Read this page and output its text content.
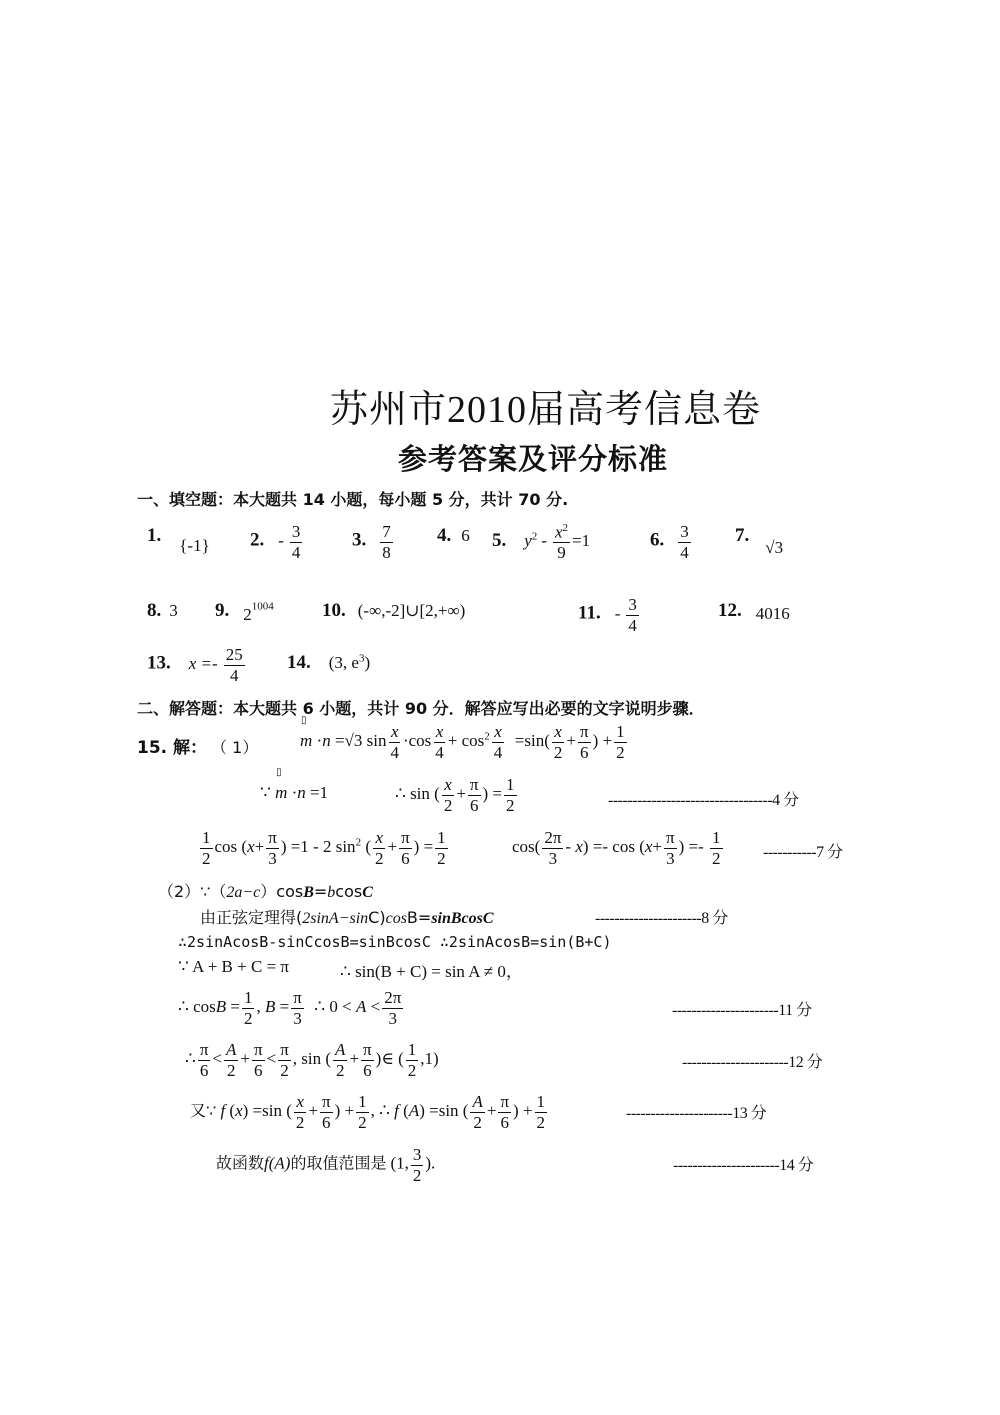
苏州市2010届高考信息卷
参考答案及评分标准
一、填空题：本大题共 14 小题，每小题 5 分，共计 70 分.
1. {-1} 2. - $\frac{3}{4}$	3. $\frac{7}{8} 4$. 6 5. $y^2 - \frac{x^2}{9} =1$	6. $\frac{3}{4} 7$. √3
8. 3 9. $2^{1004}$	10. (-∞,-2]∪[2,+∞)	11. - $\frac{3}{4}$	12. 4016
13. $x =- \frac{25}{4} 14$. (3, $e^3$)
二、解答题：本大题共 6 小题，共计 90 分．解答应写出必要的文字说明步骤．
15. 解： （ 1） ▯ m ·n =√3 $\sin \frac{x}{4} \cdot\cos \frac{x}{4} + \cos^2 \frac{x}{4} =\sin( \frac{x}{2} + \frac{\pi}{6}$ ) + $\frac{1}{2}$
∵ ▯ m ·n =1	∴ sin ( $\frac{x}{2} + \frac{\pi}{6}$ ) = $\frac{1}{2}$	----------------------------------4 分
$\frac{1}{2}$ $\cos (x+ \frac{\pi}{3}$ ) =1 - 2 $\sin^2$ ( $\frac{x}{2} + \frac{\pi}{6}$ ) = $\frac{1}{2}$	$\cos( \frac{2\pi}{3} - x) =- \cos (x+ \frac{\pi}{3}$ ) =- $\frac{1}{2}$	-----------7 分
（2）∵（2a−c）cosB=bcosC
由正弦定理得(2sinA−sinC)cosB=sinBcosC	----------------------8 分
∴2sinAcosB-sinCcosB=sinBcosC ∴2sinAcosB=sin(B+C)
∵ A + B + C = π	∴ sin(B + C) = sin A ≠ 0，
∴ $\cos B = \frac{1}{2}$ , $B = \frac{\pi}{3}$ ∴ $0 < A < \frac{2\pi}{3}$	----------------------11 分
∴ $\frac{\pi}{6} < \frac{A}{2} + \frac{\pi}{6} < \frac{\pi}{2}$ , sin ( $\frac{A}{2} + \frac{\pi}{6}$ )∈ ( $\frac{1}{2} ,1$)	----------------------12 分
又∵ f (x) =sin ( $\frac{x}{2} + \frac{\pi}{6}$ ) + $\frac{1}{2}$ , ∴ f (A) =sin ( $\frac{A}{2} + \frac{\pi}{6}$ ) + $\frac{1}{2}$	----------------------13 分
故函数f(A)的取值范围是 (1, $\frac{3}{2}$ ).	----------------------14 分
